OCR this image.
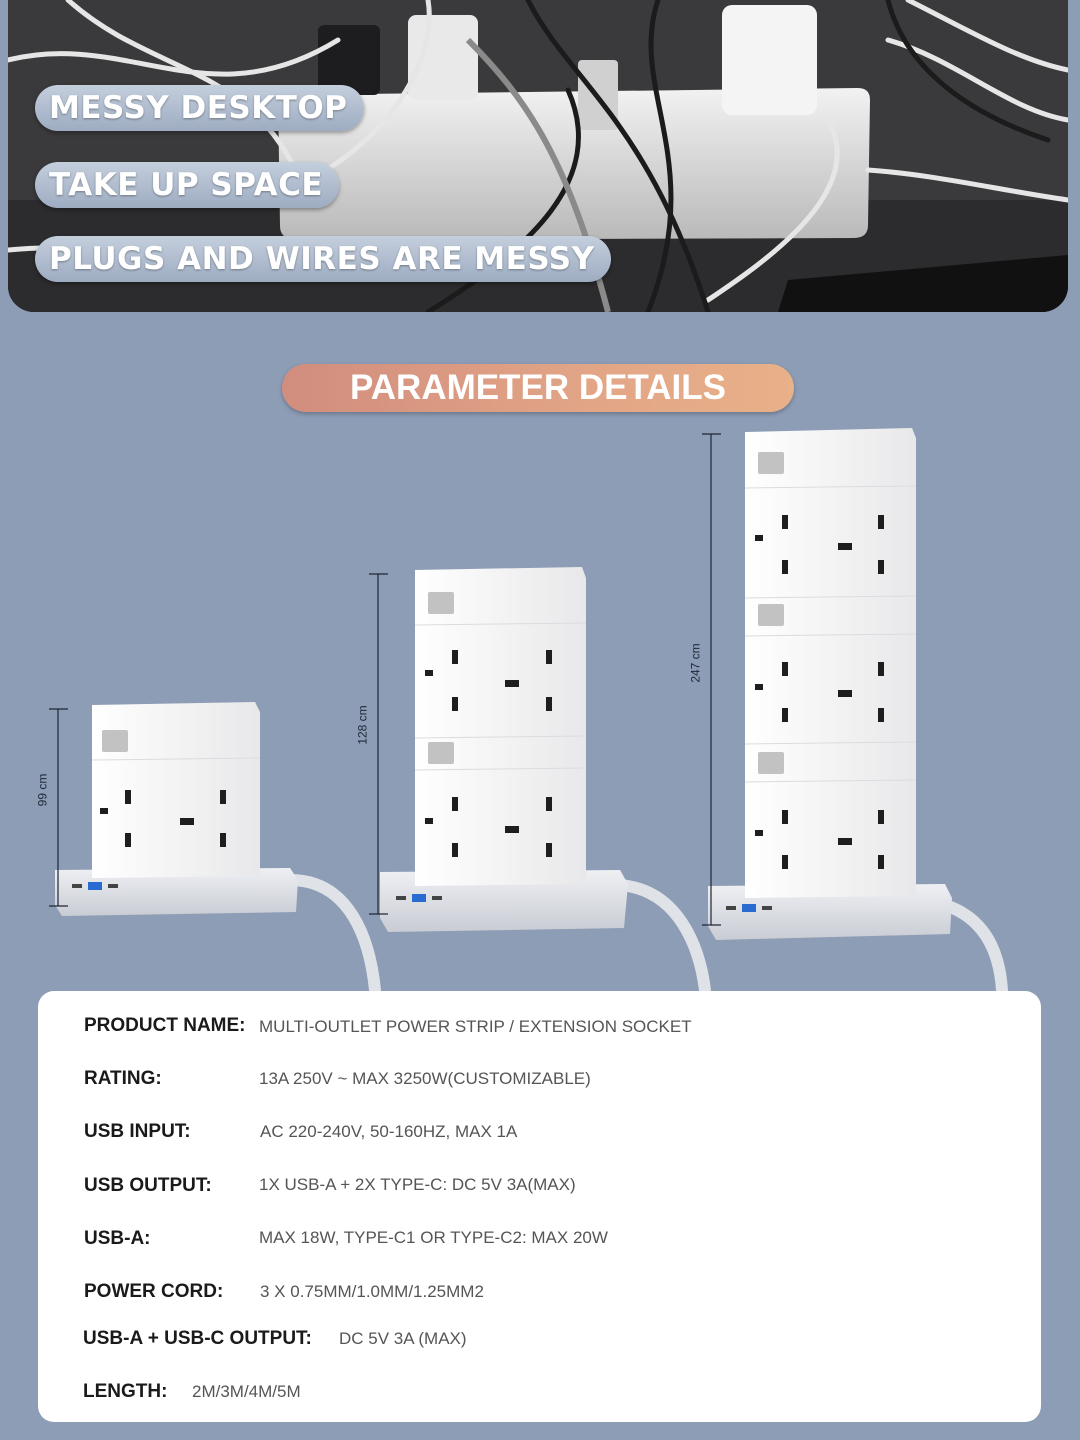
MESSY DESKTOP
TAKE UP SPACE
PLUGS AND WIRES ARE MESSY
PARAMETER DETAILS
99 cm
128 cm
247 cm
PRODUCT NAME: MULTI-OUTLET POWER STRIP / EXTENSION SOCKET
RATING:	13A 250V ~ MAX 3250W(CUSTOMIZABLE)
USB INPUT:	AC 220-240V, 50-160HZ, MAX 1A
USB OUTPUT:	1X USB-A + 2X TYPE-C: DC 5V 3A(MAX)
USB-A:	MAX 18W, TYPE-C1 OR TYPE-C2: MAX 20W
POWER CORD: 3 X 0.75MM/1.0MM/1.25MM2
USB-A + USB-C OUTPUT: DC 5V 3A (MAX)
LENGTH: 2M/3M/4M/5M
